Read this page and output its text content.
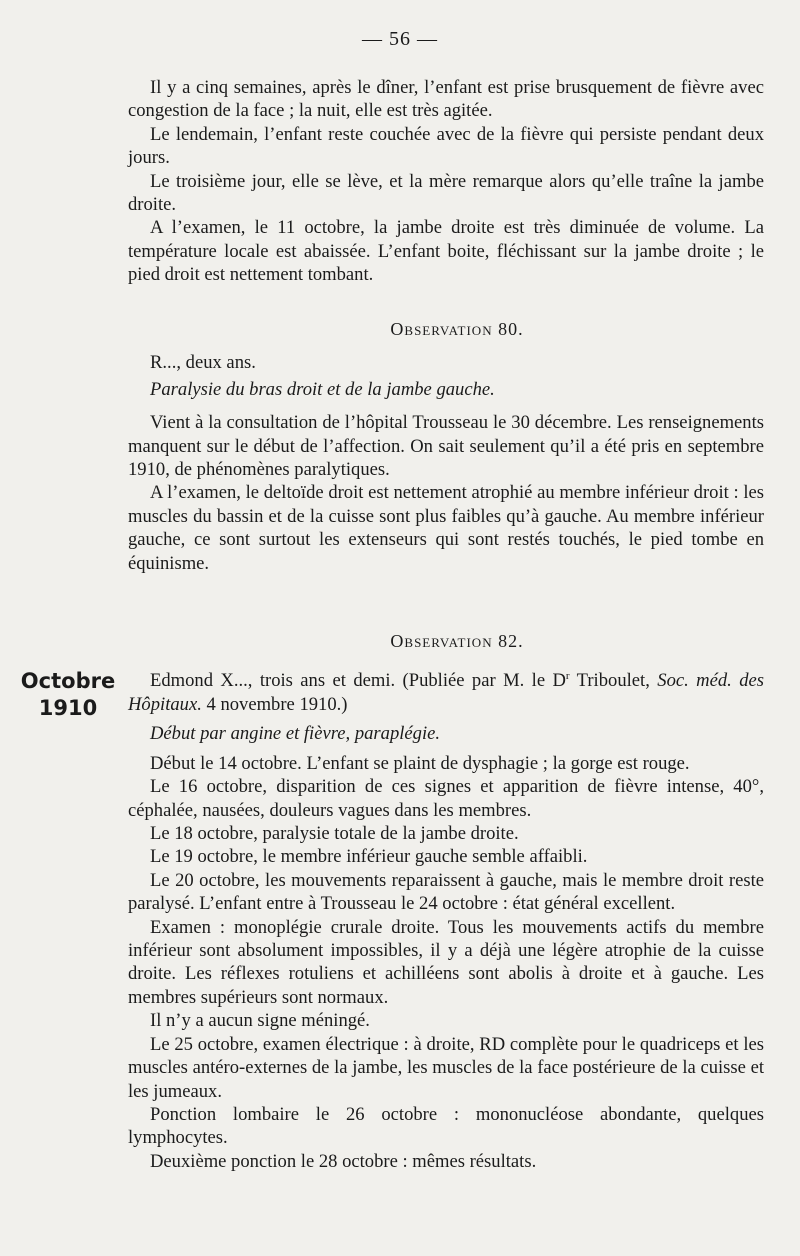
— 56 —

Il y a cinq semaines, après le dîner, l’enfant est prise brusquement de fièvre avec congestion de la face ; la nuit, elle est très agitée.

Le lendemain, l’enfant reste couchée avec de la fièvre qui persiste pendant deux jours.

Le troisième jour, elle se lève, et la mère remarque alors qu’elle traîne la jambe droite.

A l’examen, le 11 octobre, la jambe droite est très diminuée de volume. La température locale est abaissée. L’enfant boite, fléchissant sur la jambe droite ; le pied droit est nettement tombant.

Observation 80.

R..., deux ans.

Paralysie du bras droit et de la jambe gauche.

Vient à la consultation de l’hôpital Trousseau le 30 décembre. Les renseignements manquent sur le début de l’affection. On sait seulement qu’il a été pris en septembre 1910, de phénomènes paralytiques.

A l’examen, le deltoïde droit est nettement atrophié au membre inférieur droit : les muscles du bassin et de la cuisse sont plus faibles qu’à gauche. Au membre inférieur gauche, ce sont surtout les extenseurs qui sont restés touchés, le pied tombe en équinisme.

Octobre
1910

Observation 82.

Edmond X..., trois ans et demi. (Publiée par M. le $D^r$ Triboulet, Soc. méd. des Hôpitaux. 4 novembre 1910.)

Début par angine et fièvre, paraplégie.

Début le 14 octobre. L’enfant se plaint de dysphagie ; la gorge est rouge.

Le 16 octobre, disparition de ces signes et apparition de fièvre intense, 40°, céphalée, nausées, douleurs vagues dans les membres.

Le 18 octobre, paralysie totale de la jambe droite.

Le 19 octobre, le membre inférieur gauche semble affaibli.

Le 20 octobre, les mouvements reparaissent à gauche, mais le membre droit reste paralysé. L’enfant entre à Trousseau le 24 octobre : état général excellent.

Examen : monoplégie crurale droite. Tous les mouvements actifs du membre inférieur sont absolument impossibles, il y a déjà une légère atrophie de la cuisse droite. Les réflexes rotuliens et achilléens sont abolis à droite et à gauche. Les membres supérieurs sont normaux.

Il n’y a aucun signe méningé.

Le 25 octobre, examen électrique : à droite, RD complète pour le quadriceps et les muscles antéro-externes de la jambe, les muscles de la face postérieure de la cuisse et les jumeaux.

Ponction lombaire le 26 octobre : mononucléose abondante, quelques lymphocytes.

Deuxième ponction le 28 octobre : mêmes résultats.
